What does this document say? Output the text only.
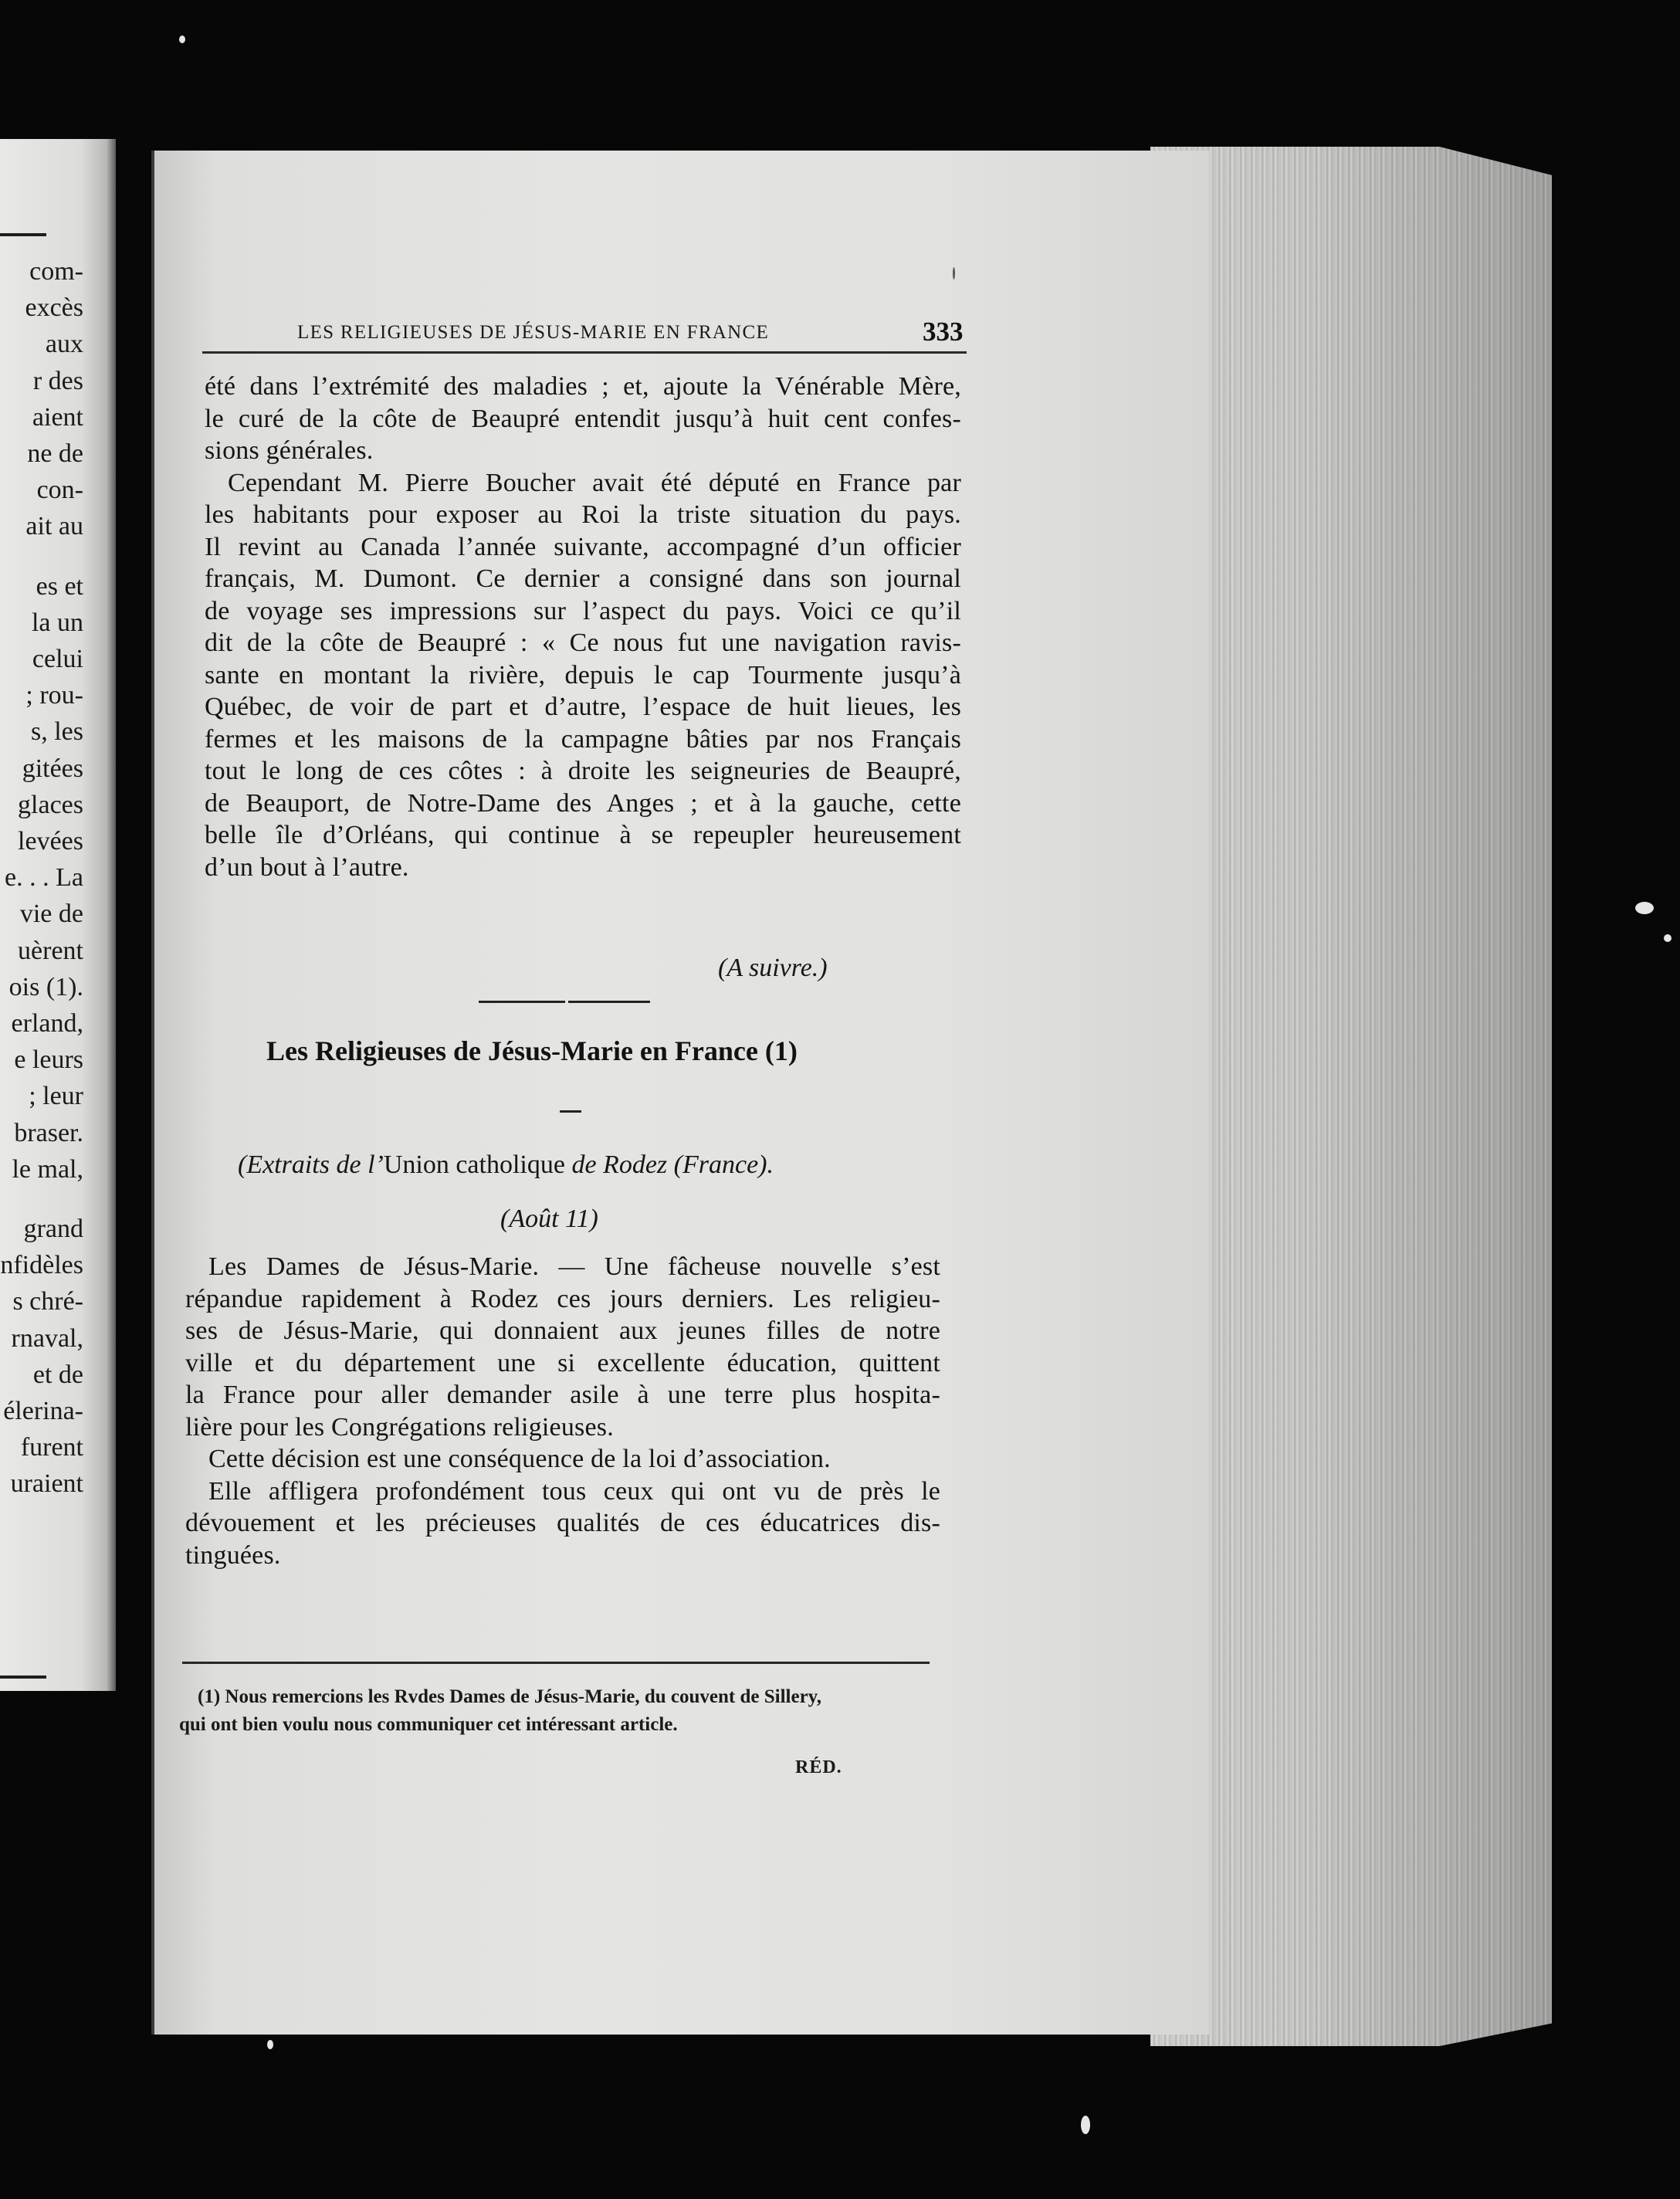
com-
excès
aux
r des
aient
ne de
con-
ait au
es et
la un
celui
; rou-
s, les
gitées
glaces
levées
e. . . La
vie de
uèrent
ois (1).
erland,
e leurs
; leur
braser.
le mal,
grand
nfidèles
s chré-
rnaval,
et de
élerina-
furent
uraient
LES RELIGIEUSES DE JÉSUS-MARIE EN FRANCE	333
été dans l’extrémité des maladies ; et, ajoute la Vénérable Mère,
le curé de la côte de Beaupré entendit jusqu’à huit cent confes-
sions générales.
Cependant M. Pierre Boucher avait été député en France par
les habitants pour exposer au Roi la triste situation du pays.
Il revint au Canada l’année suivante, accompagné d’un officier
français, M. Dumont. Ce dernier a consigné dans son journal
de voyage ses impressions sur l’aspect du pays. Voici ce qu’il
dit de la côte de Beaupré : « Ce nous fut une navigation ravis-
sante en montant la rivière, depuis le cap Tourmente jusqu’à
Québec, de voir de part et d’autre, l’espace de huit lieues, les
fermes et les maisons de la campagne bâties par nos Français
tout le long de ces côtes : à droite les seigneuries de Beaupré,
de Beauport, de Notre-Dame des Anges ; et à la gauche, cette
belle île d’Orléans, qui continue à se repeupler heureusement
d’un bout à l’autre.
(A suivre.)
Les Religieuses de Jésus-Marie en France (1)
(Extraits de l’Union catholique de Rodez (France).
(Août 11)
Les Dames de Jésus-Marie. — Une fâcheuse nouvelle s’est
répandue rapidement à Rodez ces jours derniers. Les religieu-
ses de Jésus-Marie, qui donnaient aux jeunes filles de notre
ville et du département une si excellente éducation, quittent
la France pour aller demander asile à une terre plus hospita-
lière pour les Congrégations religieuses.
Cette décision est une conséquence de la loi d’association.
Elle affligera profondément tous ceux qui ont vu de près le
dévouement et les précieuses qualités de ces éducatrices dis-
tinguées.
(1) Nous remercions les Rvdes Dames de Jésus-Marie, du couvent de Sillery,
qui ont bien voulu nous communiquer cet intéressant article.
RÉD.
